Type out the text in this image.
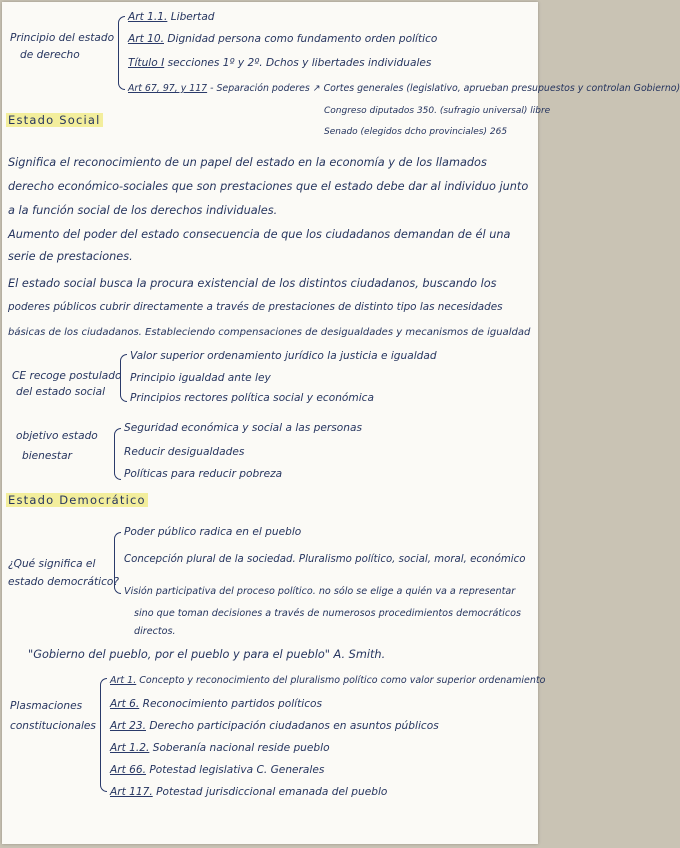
Principio del estado
de derecho
Art 1.1. Libertad
Art 10. Dignidad persona como fundamento orden político
Título I secciones 1º y 2º. Dchos y libertades individuales
Art 67, 97, y 117 - Separación poderes ↗ Cortes generales (legislativo, aprueban presupuestos y controlan Gobierno)
Congreso diputados 350. (sufragio universal) libre
Senado (elegidos dcho provinciales) 265
Estado Social
Significa el reconocimiento de un papel del estado en la economía y de los llamados
derecho económico-sociales que son prestaciones que el estado debe dar al individuo junto
a la función social de los derechos individuales.
Aumento del poder del estado consecuencia de que los ciudadanos demandan de él una
serie de prestaciones.
El estado social busca la procura existencial de los distintos ciudadanos, buscando los
poderes públicos cubrir directamente a través de prestaciones de distinto tipo las necesidades
básicas de los ciudadanos. Estableciendo compensaciones de desigualdades y mecanismos de igualdad
CE recoge postulado
del estado social
Valor superior ordenamiento jurídico la justicia e igualdad
Principio igualdad ante ley
Principios rectores política social y económica
objetivo estado
bienestar
Seguridad económica y social a las personas
Reducir desigualdades
Políticas para reducir pobreza
Estado Democrático
¿Qué significa el
estado democrático?
Poder público radica en el pueblo
Concepción plural de la sociedad. Pluralismo político, social, moral, económico
Visión participativa del proceso político. no sólo se elige a quién va a representar
sino que toman decisiones a través de numerosos procedimientos democráticos
directos.
"Gobierno del pueblo, por el pueblo y para el pueblo" A. Smith.
Plasmaciones
constitucionales
Art 1. Concepto y reconocimiento del pluralismo político como valor superior ordenamiento
Art 6. Reconocimiento partidos políticos
Art 23. Derecho participación ciudadanos en asuntos públicos
Art 1.2. Soberanía nacional reside pueblo
Art 66. Potestad legislativa C. Generales
Art 117. Potestad jurisdiccional emanada del pueblo
